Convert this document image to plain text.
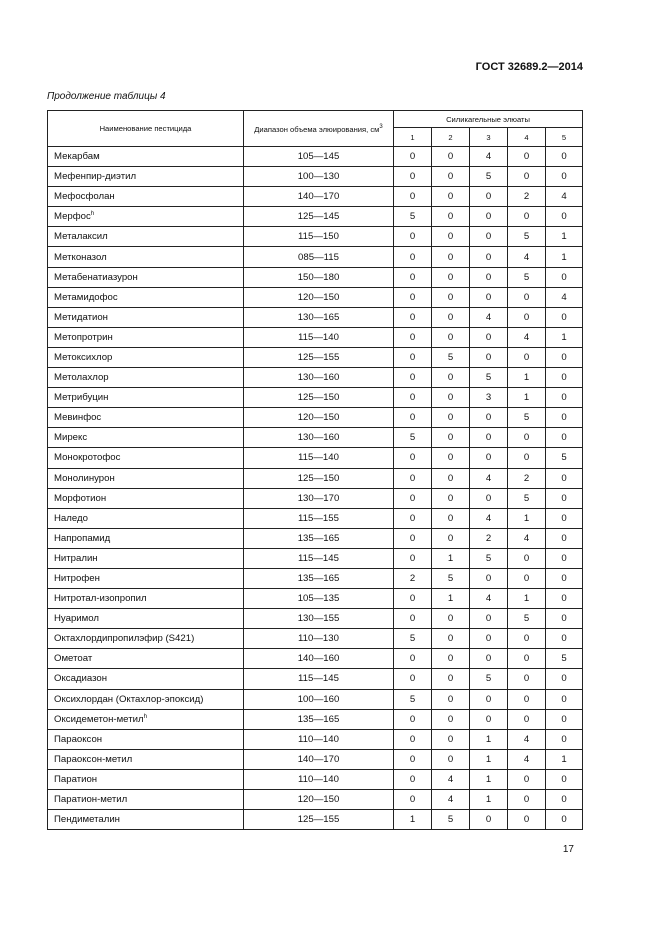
ГОСТ 32689.2—2014
Продолжение таблицы 4
Наименование пестицида	Диапазон объема элюирования, $см^3$	Силикагельные элюаты				
		1	2	3	4	5
Мекарбам	105—145	0	0	4	0	0
Мефенпир-диэтил	100—130	0	0	5	0	0
Мефосфолан	140—170	0	0	0	2	4
Мерфос$^h$	125—145	5	0	0	0	0
Металаксил	115—150	0	0	0	5	1
Метконазол	085—115	0	0	0	4	1
Метабенатиазурон	150—180	0	0	0	5	0
Метамидофос	120—150	0	0	0	0	4
Метидатион	130—165	0	0	4	0	0
Метопротрин	115—140	0	0	0	4	1
Метоксихлор	125—155	0	5	0	0	0
Метолахлор	130—160	0	0	5	1	0
Метрибуцин	125—150	0	0	3	1	0
Мевинфос	120—150	0	0	0	5	0
Мирекс	130—160	5	0	0	0	0
Монокротофос	115—140	0	0	0	0	5
Монолинурон	125—150	0	0	4	2	0
Морфотион	130—170	0	0	0	5	0
Наледо	115—155	0	0	4	1	0
Напропамид	135—165	0	0	2	4	0
Нитралин	115—145	0	1	5	0	0
Нитрофен	135—165	2	5	0	0	0
Нитротал-изопропил	105—135	0	1	4	1	0
Нуаримол	130—155	0	0	0	5	0
Октахлордипропилэфир (S421)	110—130	5	0	0	0	0
Ометоат	140—160	0	0	0	0	5
Оксадиазон	115—145	0	0	5	0	0
Оксихлордан (Октахлор-эпоксид)	100—160	5	0	0	0	0
Оксидеметон-метил$^h$	135—165	0	0	0	0	0
Параоксон	110—140	0	0	1	4	0
Параоксон-метил	140—170	0	0	1	4	1
Паратион	110—140	0	4	1	0	0
Паратион-метил	120—150	0	4	1	0	0
Пендиметалин	125—155	1	5	0	0	0
17
